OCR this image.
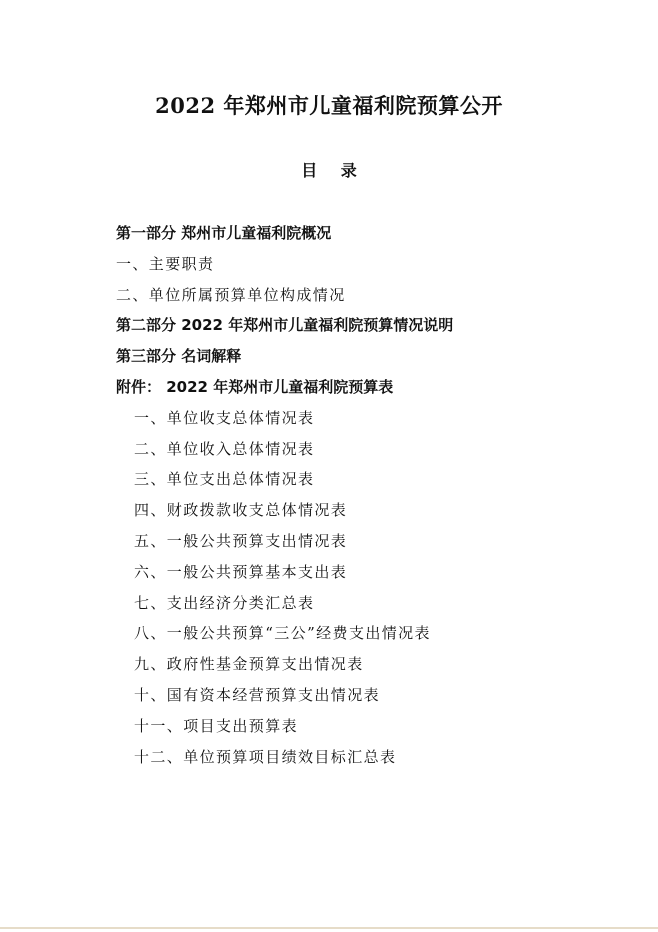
2022 年郑州市儿童福利院预算公开
目 录
第一部分 郑州市儿童福利院概况
一、主要职责
二、单位所属预算单位构成情况
第二部分 2022 年郑州市儿童福利院预算情况说明
第三部分 名词解释
附件： 2022 年郑州市儿童福利院预算表
一、单位收支总体情况表
二、单位收入总体情况表
三、单位支出总体情况表
四、财政拨款收支总体情况表
五、一般公共预算支出情况表
六、一般公共预算基本支出表
七、支出经济分类汇总表
八、一般公共预算“三公”经费支出情况表
九、政府性基金预算支出情况表
十、国有资本经营预算支出情况表
十一、项目支出预算表
十二、单位预算项目绩效目标汇总表
